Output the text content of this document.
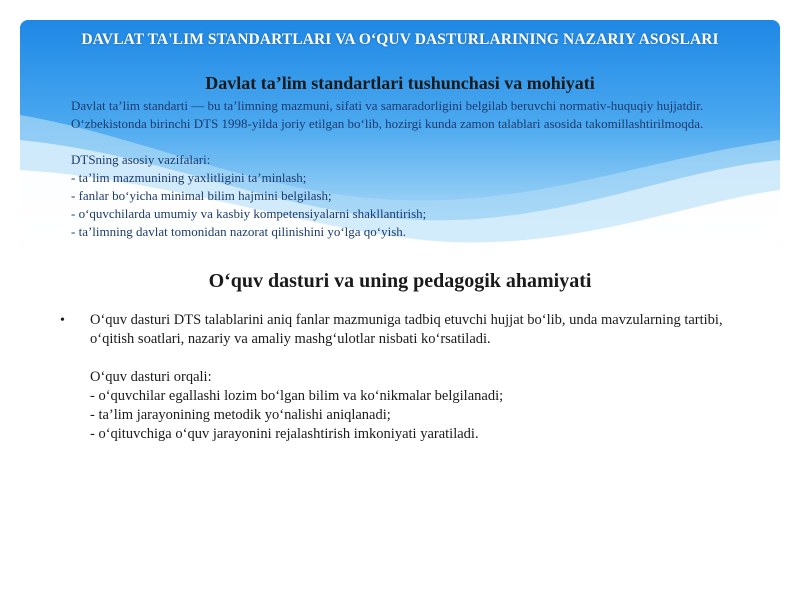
DAVLAT TA'LIM STANDARTLARI VA O‘QUV DASTURLARINING NAZARIY ASOSLARI
Davlat ta’lim standartlari tushunchasi va mohiyati

Davlat ta’lim standarti — bu ta’limning mazmuni, sifati va samaradorligini belgilab beruvchi normativ-huquqiy hujjatdir. O‘zbekistonda birinchi DTS 1998-yilda joriy etilgan bo‘lib, hozirgi kunda zamon talablari asosida takomillashtirilmoqda.

DTSning asosiy vazifalari:

- ta’lim mazmunining yaxlitligini ta’minlash;

- fanlar bo‘yicha minimal bilim hajmini belgilash;

- o‘quvchilarda umumiy va kasbiy kompetensiyalarni shakllantirish;

- ta’limning davlat tomonidan nazorat qilinishini yo‘lga qo‘yish.

O‘quv dasturi va uning pedagogik ahamiyati
• O‘quv dasturi DTS talablarini aniq fanlar mazmuniga tadbiq etuvchi hujjat bo‘lib, unda mavzularning tartibi, o‘qitish soatlari, nazariy va amaliy mashg‘ulotlar nisbati ko‘rsatiladi.

O‘quv dasturi orqali:

- o‘quvchilar egallashi lozim bo‘lgan bilim va ko‘nikmalar belgilanadi;

- ta’lim jarayonining metodik yo‘nalishi aniqlanadi;

- o‘qituvchiga o‘quv jarayonini rejalashtirish imkoniyati yaratiladi.
